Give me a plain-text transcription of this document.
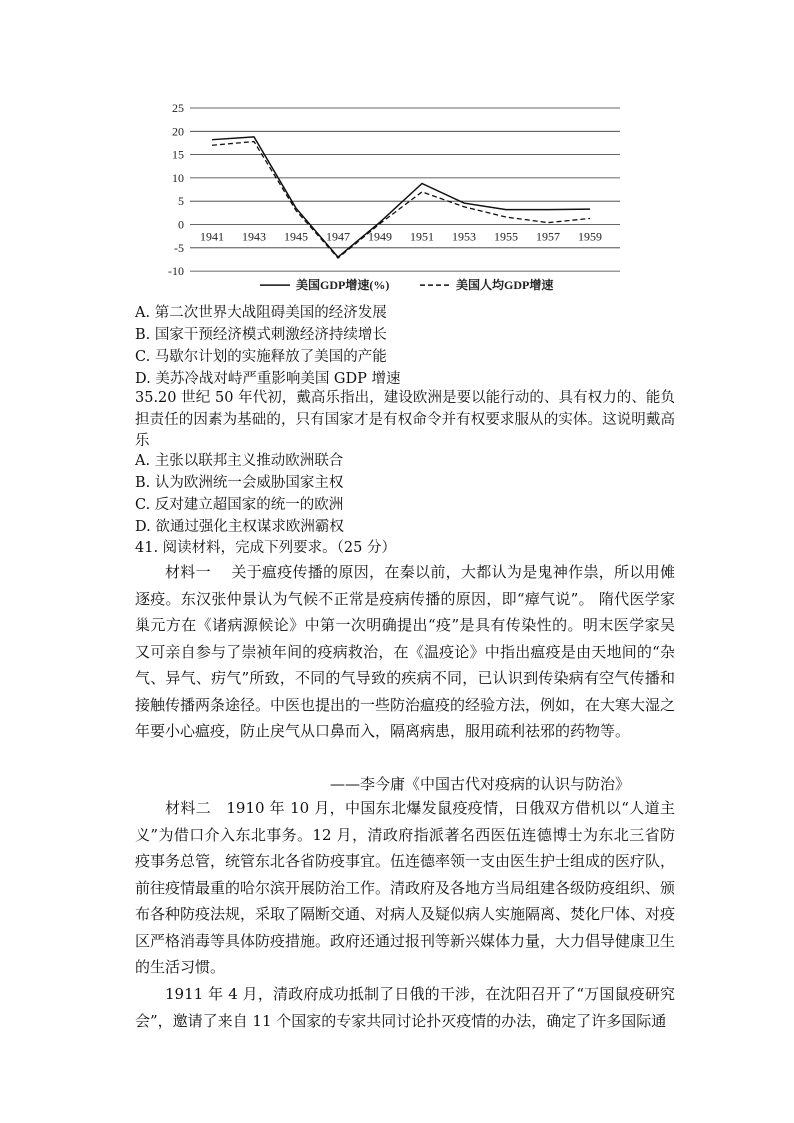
25
20
15
10
5
0
-5
-10
1941 1943 1945 1947 1949 1951 1953 1955 1957 1959
美国GDP增速(%)	美国人均GDP增速
A. 第二次世界大战阻碍美国的经济发展
B. 国家干预经济模式刺激经济持续增长
C. 马歇尔计划的实施释放了美国的产能
D. 美苏冷战对峙严重影响美国 GDP 增速
35.20 世纪 50 年代初，戴高乐指出，建设欧洲是要以能行动的、具有权力的、能负担责任的因素为基础的，只有国家才是有权命令并有权要求服从的实体。这说明戴高乐
A. 主张以联邦主义推动欧洲联合
B. 认为欧洲统一会威胁国家主权
C. 反对建立超国家的统一的欧洲
D. 欲通过强化主权谋求欧洲霸权
41. 阅读材料，完成下列要求。（25 分）
材料一　 关于瘟疫传播的原因，在秦以前，大都认为是鬼神作祟，所以用傩逐疫。东汉张仲景认为气候不正常是疫病传播的原因，即“瘴气说”。 隋代医学家巢元方在《诸病源候论》中第一次明确提出“疫”是具有传染性的。明末医学家吴又可亲自参与了崇祯年间的疫病救治，在《温疫论》中指出瘟疫是由天地间的“杂气、异气、疠气”所致，不同的气导致的疾病不同，已认识到传染病有空气传播和接触传播两条途径。中医也提出的一些防治瘟疫的经验方法，例如，在大寒大湿之年要小心瘟疫，防止戾气从口鼻而入，隔离病患，服用疏利祛邪的药物等。
——李今庸《中国古代对疫病的认识与防治》
材料二　1910 年 10 月，中国东北爆发鼠疫疫情，日俄双方借机以“人道主义”为借口介入东北事务。12 月，清政府指派著名西医伍连德博士为东北三省防疫事务总管，统管东北各省防疫事宜。伍连德率领一支由医生护士组成的医疗队，前往疫情最重的哈尔滨开展防治工作。清政府及各地方当局组建各级防疫组织、颁布各种防疫法规，采取了隔断交通、对病人及疑似病人实施隔离、焚化尸体、对疫区严格消毒等具体防疫措施。政府还通过报刊等新兴媒体力量，大力倡导健康卫生的生活习惯。
1911 年 4 月，清政府成功抵制了日俄的干涉，在沈阳召开了“万国鼠疫研究会”，邀请了来自 11 个国家的专家共同讨论扑灭疫情的办法，确定了许多国际通
